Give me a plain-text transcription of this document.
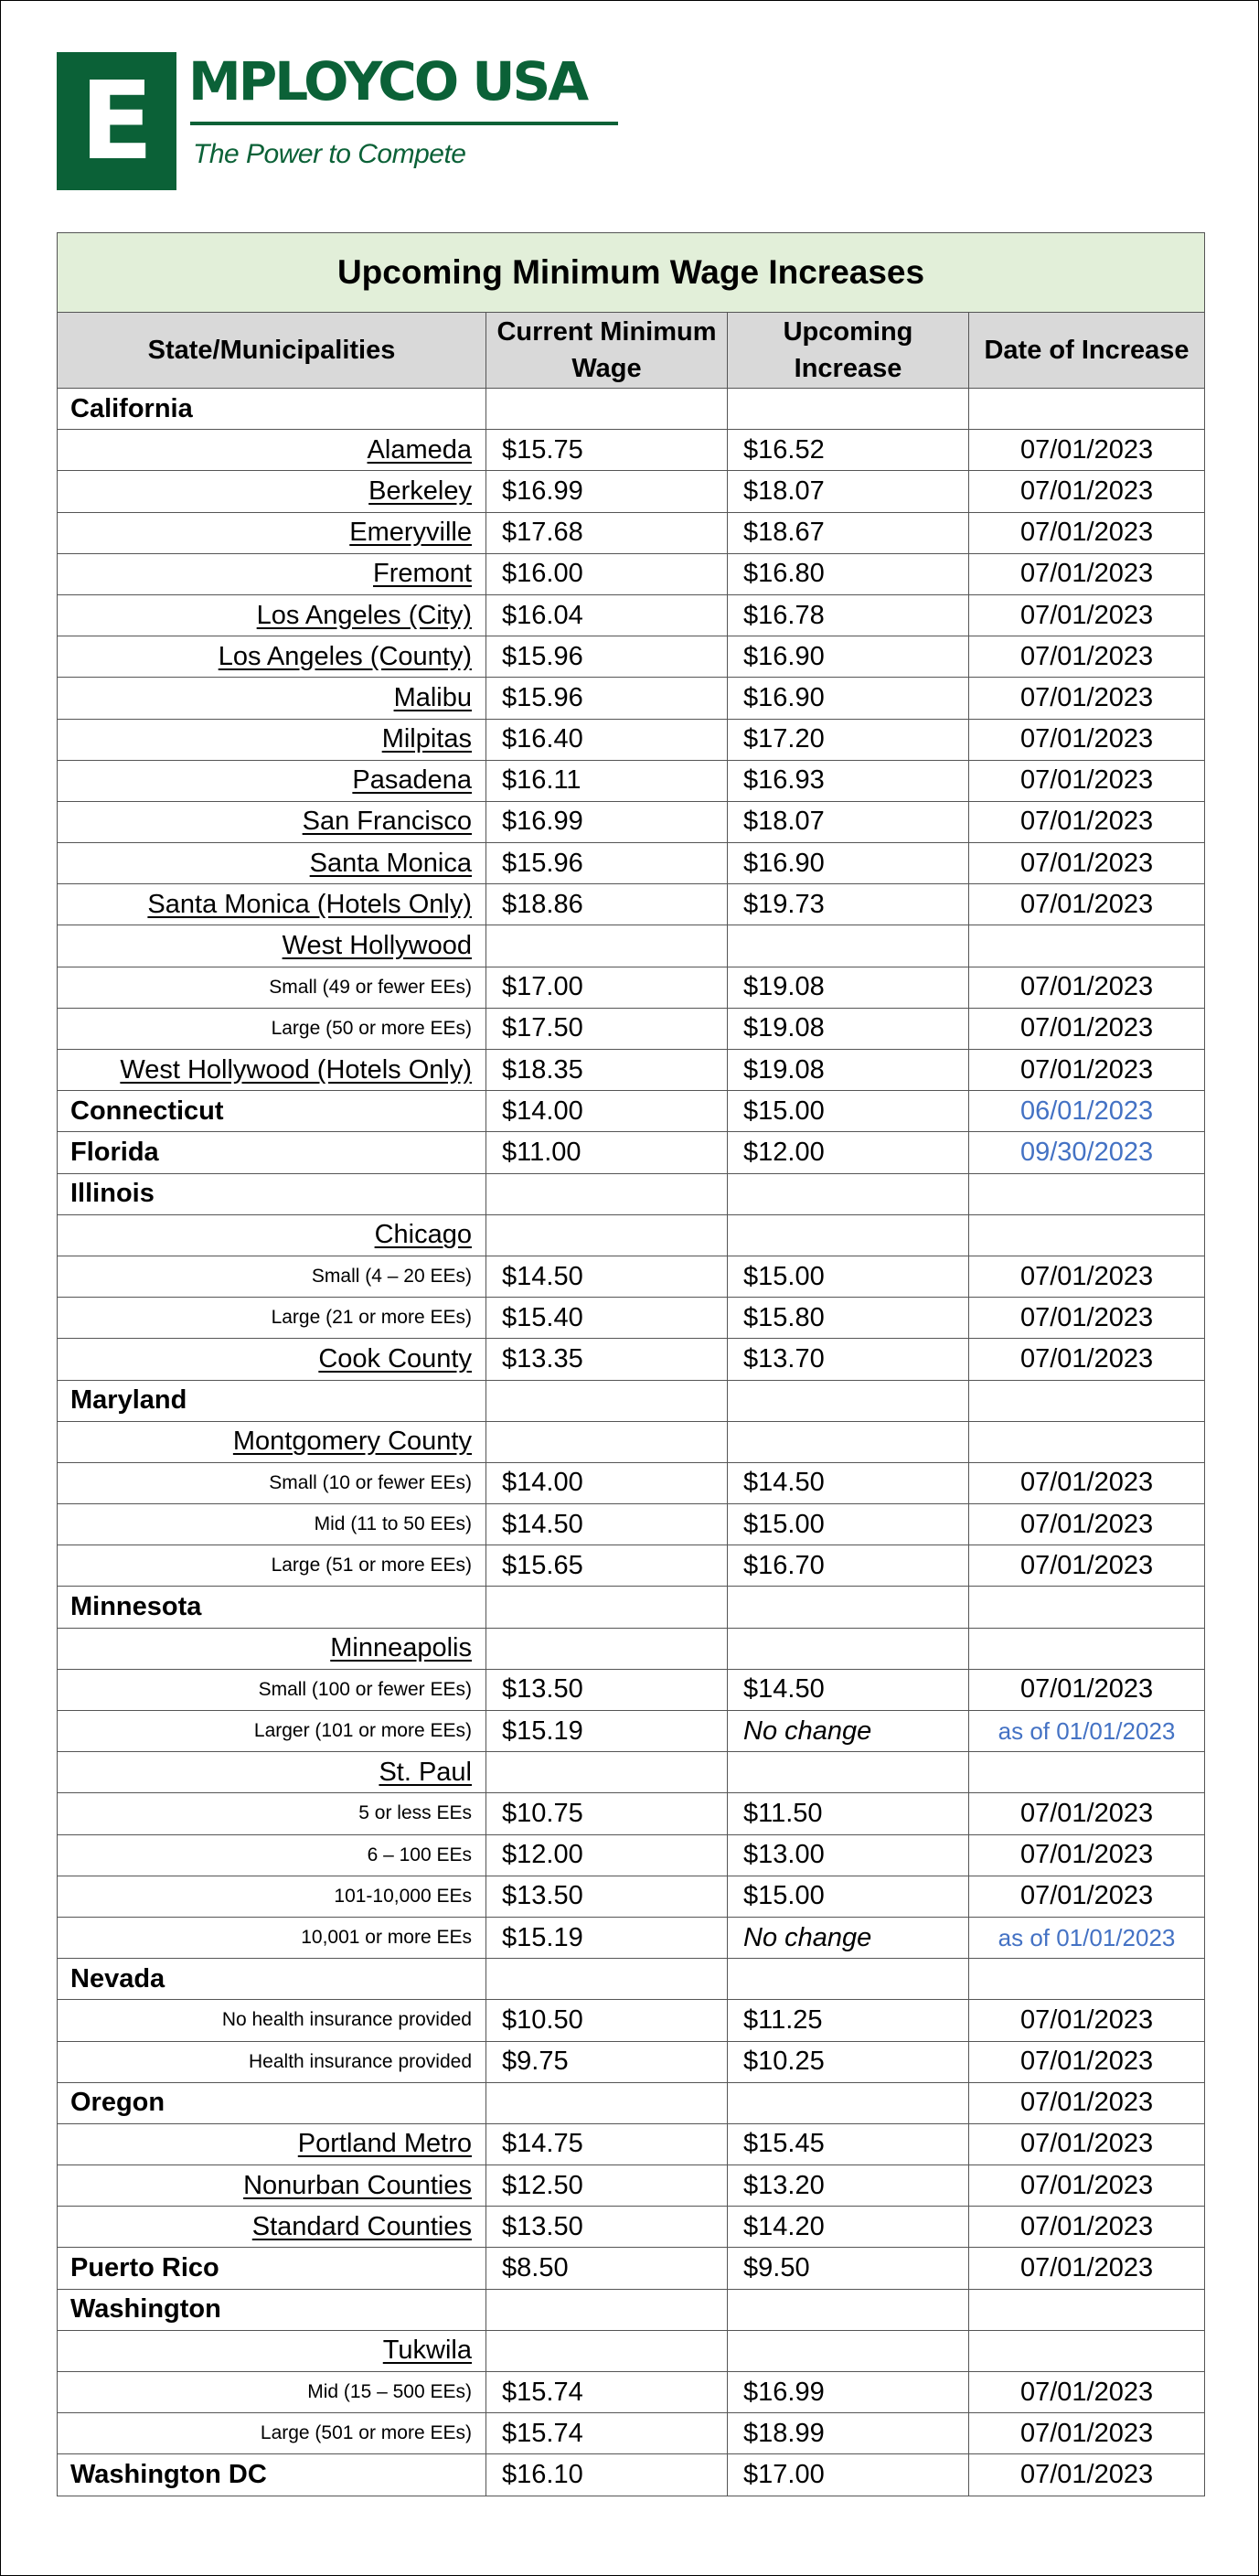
E MPLOYCO USA
The Power to Compete
Upcoming Minimum Wage Increases			
State/Municipalities	Current Minimum Wage	Upcoming Increase	Date of Increase
California			
Alameda	$15.75	$16.52	07/01/2023
Berkeley	$16.99	$18.07	07/01/2023
Emeryville	$17.68	$18.67	07/01/2023
Fremont	$16.00	$16.80	07/01/2023
Los Angeles (City)	$16.04	$16.78	07/01/2023
Los Angeles (County)	$15.96	$16.90	07/01/2023
Malibu	$15.96	$16.90	07/01/2023
Milpitas	$16.40	$17.20	07/01/2023
Pasadena	$16.11	$16.93	07/01/2023
San Francisco	$16.99	$18.07	07/01/2023
Santa Monica	$15.96	$16.90	07/01/2023
Santa Monica (Hotels Only)	$18.86	$19.73	07/01/2023
West Hollywood			
Small (49 or fewer EEs)	$17.00	$19.08	07/01/2023
Large (50 or more EEs)	$17.50	$19.08	07/01/2023
West Hollywood (Hotels Only)	$18.35	$19.08	07/01/2023
Connecticut	$14.00	$15.00	06/01/2023
Florida	$11.00	$12.00	09/30/2023
Illinois			
Chicago			
Small (4 – 20 EEs)	$14.50	$15.00	07/01/2023
Large (21 or more EEs)	$15.40	$15.80	07/01/2023
Cook County	$13.35	$13.70	07/01/2023
Maryland			
Montgomery County			
Small (10 or fewer EEs)	$14.00	$14.50	07/01/2023
Mid (11 to 50 EEs)	$14.50	$15.00	07/01/2023
Large (51 or more EEs)	$15.65	$16.70	07/01/2023
Minnesota			
Minneapolis			
Small (100 or fewer EEs)	$13.50	$14.50	07/01/2023
Larger (101 or more EEs)	$15.19	No change	as of 01/01/2023
St. Paul			
5 or less EEs	$10.75	$11.50	07/01/2023
6 – 100 EEs	$12.00	$13.00	07/01/2023
101-10,000 EEs	$13.50	$15.00	07/01/2023
10,001 or more EEs	$15.19	No change	as of 01/01/2023
Nevada			
No health insurance provided	$10.50	$11.25	07/01/2023
Health insurance provided	$9.75	$10.25	07/01/2023
Oregon			07/01/2023
Portland Metro	$14.75	$15.45	07/01/2023
Nonurban Counties	$12.50	$13.20	07/01/2023
Standard Counties	$13.50	$14.20	07/01/2023
Puerto Rico	$8.50	$9.50	07/01/2023
Washington			
Tukwila			
Mid (15 – 500 EEs)	$15.74	$16.99	07/01/2023
Large (501 or more EEs)	$15.74	$18.99	07/01/2023
Washington DC	$16.10	$17.00	07/01/2023
